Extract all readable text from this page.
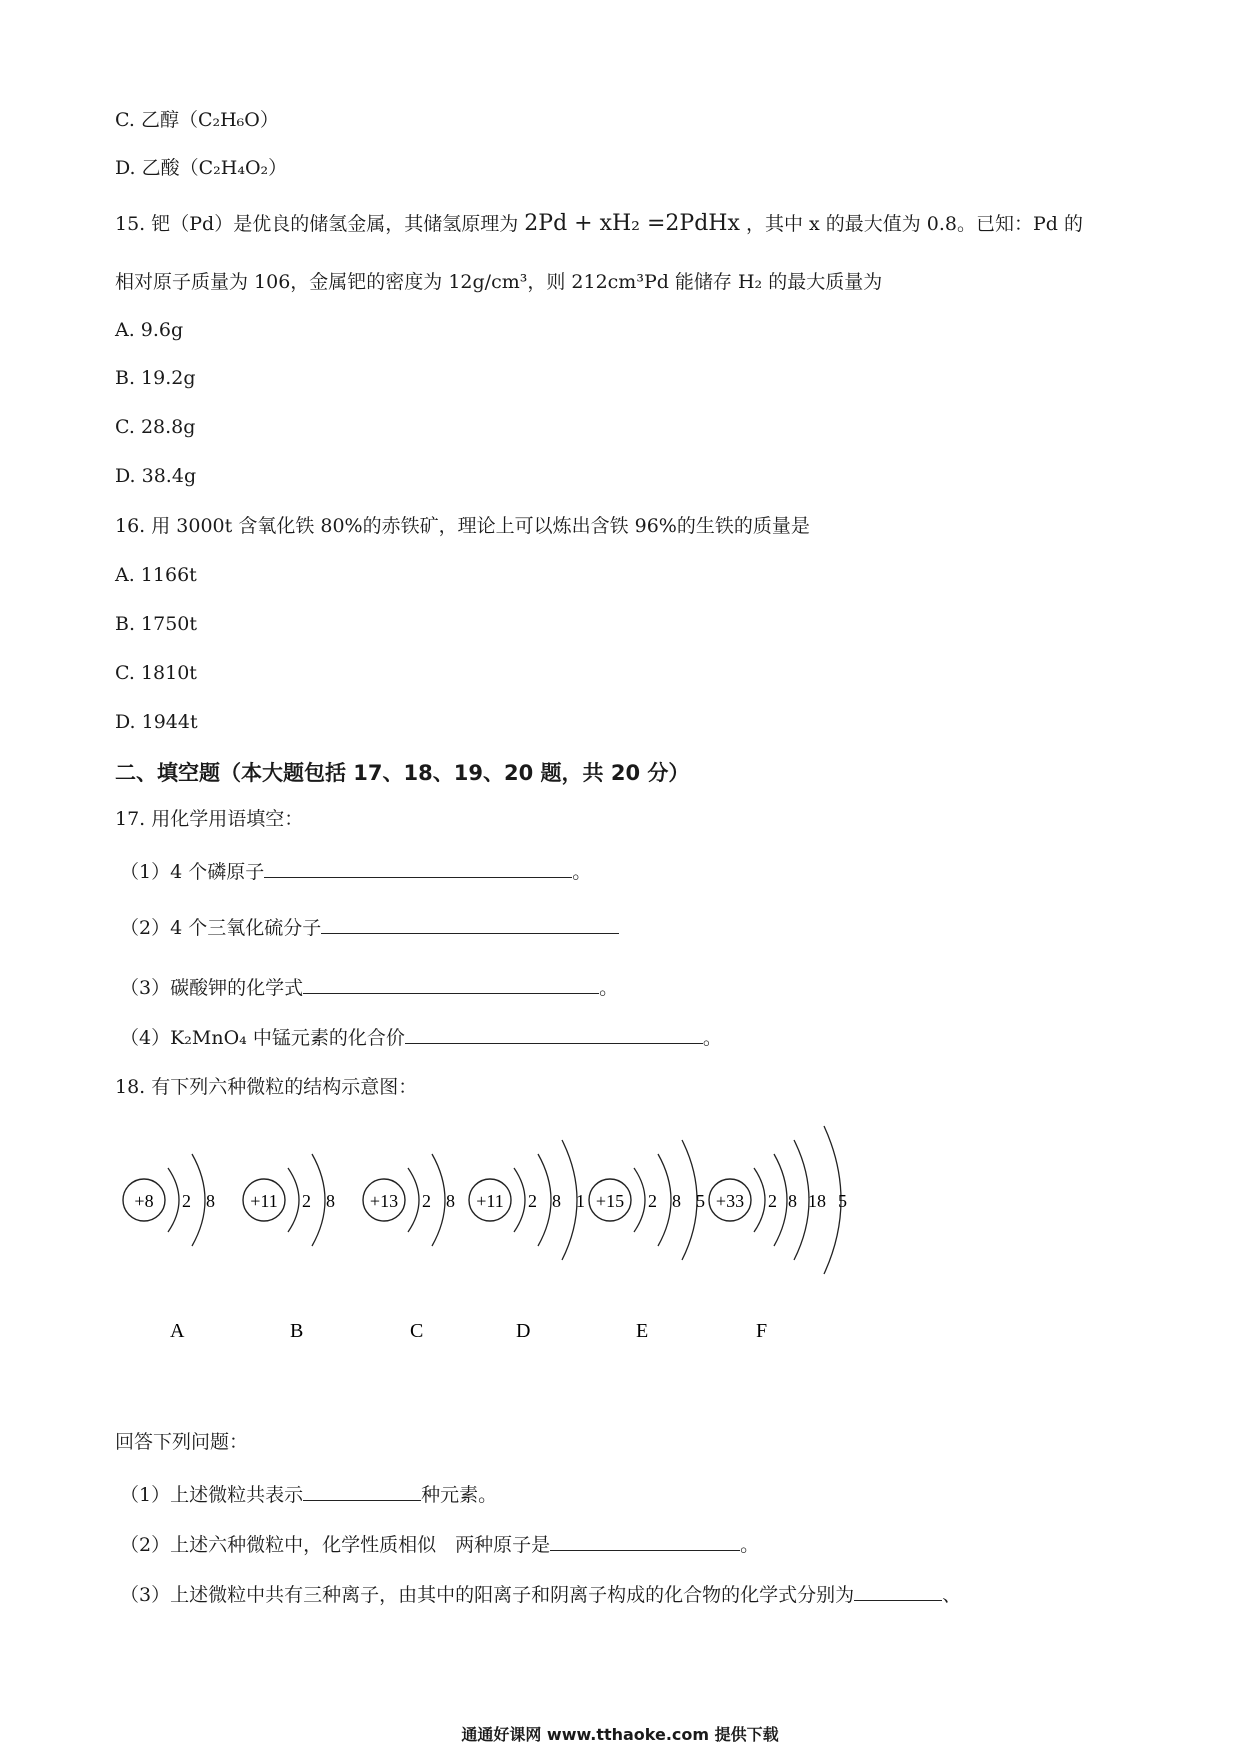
C. 乙醇（C₂H₆O）
D. 乙酸（C₂H₄O₂）
15. 钯（Pd）是优良的储氢金属，其储氢原理为 2Pd + xH₂ =2PdHx ，其中 x 的最大值为 0.8。已知：Pd 的
相对原子质量为 106，金属钯的密度为 12g/cm³，则 212cm³Pd 能储存 H₂ 的最大质量为
A. 9.6g
B. 19.2g
C. 28.8g
D. 38.4g
16. 用 3000t 含氧化铁 80%的赤铁矿，理论上可以炼出含铁 96%的生铁的质量是
A. 1166t
B. 1750t
C. 1810t
D. 1944t
二、填空题（本大题包括 17、18、19、20 题，共 20 分）
17. 用化学用语填空：
（1）4 个磷原子	。
（2）4 个三氧化硫分子
（3）碳酸钾的化学式	。
（4）K₂MnO₄ 中锰元素的化合价	。
18. 有下列六种微粒的结构示意图：
+8 2 8
A
+11 2 8
B
+13 2 8
C
+11 2 8 1
D
+15 2 8 5
E
+33 2 8 18 5
F
回答下列问题：
（1）上述微粒共表示	种元素。
（2）上述六种微粒中，化学性质相似　两种原子是	。
（3）上述微粒中共有三种离子，由其中的阳离子和阴离子构成的化合物的化学式分别为	、
通通好课网 www.tthaoke.com 提供下载
